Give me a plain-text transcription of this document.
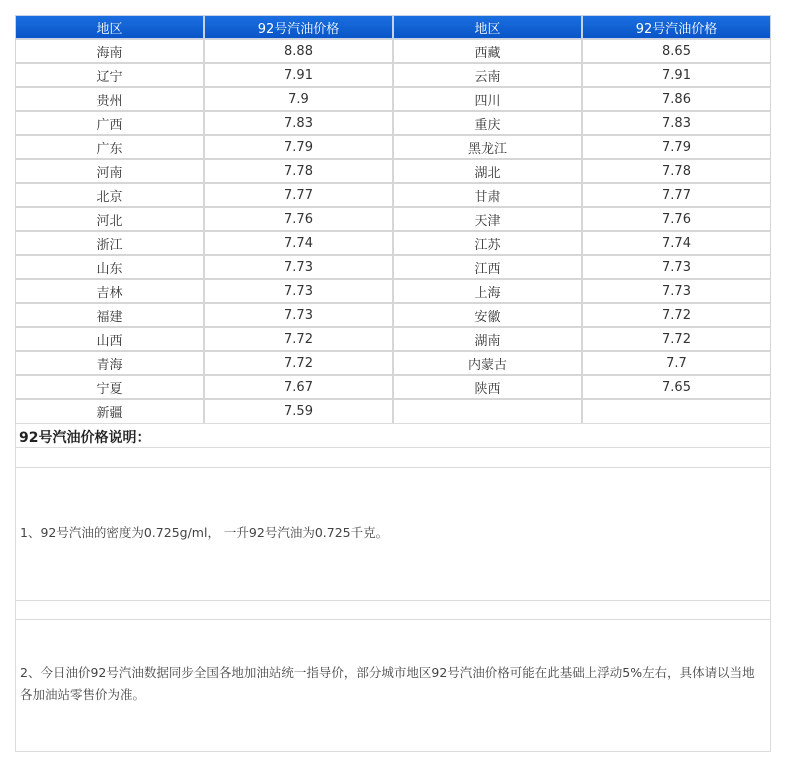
地区	92号汽油价格	地区	92号汽油价格
海南	8.88	西藏	8.65
辽宁	7.91	云南	7.91
贵州	7.9	四川	7.86
广西	7.83	重庆	7.83
广东	7.79	黑龙江	7.79
河南	7.78	湖北	7.78
北京	7.77	甘肃	7.77
河北	7.76	天津	7.76
浙江	7.74	江苏	7.74
山东	7.73	江西	7.73
吉林	7.73	上海	7.73
福建	7.73	安徽	7.72
山西	7.72	湖南	7.72
青海	7.72	内蒙古	7.7
宁夏	7.67	陕西	7.65
新疆	7.59		
92号汽油价格说明：
1、92号汽油的密度为0.725g/ml， 一升92号汽油为0.725千克。
2、今日油价92号汽油数据同步全国各地加油站统一指导价，部分城市地区92号汽油价格可能在此基础上浮动5%左右，具体请以当地各加油站零售价为准。
